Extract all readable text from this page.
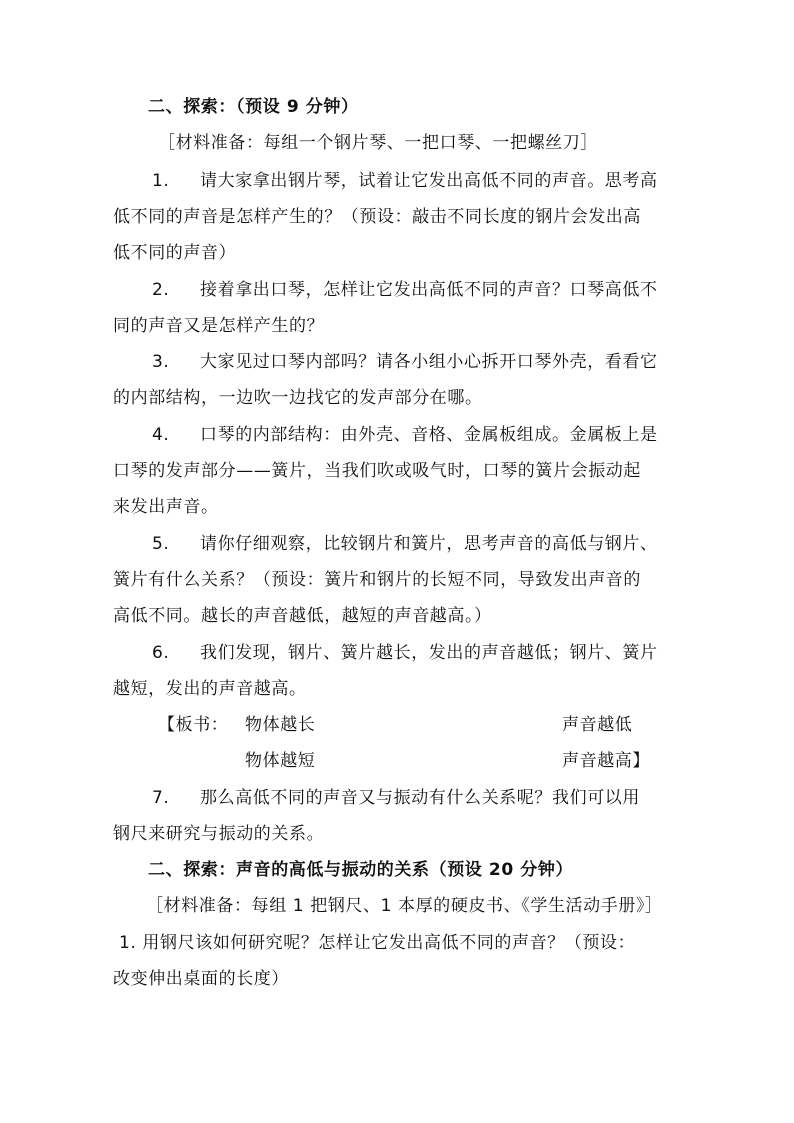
二、探索：（预设 9 分钟）
［材料准备：每组一个钢片琴、一把口琴、一把螺丝刀］
1. 请大家拿出钢片琴，试着让它发出高低不同的声音。思考高
低不同的声音是怎样产生的？（预设：敲击不同长度的钢片会发出高
低不同的声音）
2. 接着拿出口琴，怎样让它发出高低不同的声音？口琴高低不
同的声音又是怎样产生的？
3. 大家见过口琴内部吗？请各小组小心拆开口琴外壳，看看它
的内部结构，一边吹一边找它的发声部分在哪。
4. 口琴的内部结构：由外壳、音格、金属板组成。金属板上是
口琴的发声部分——簧片，当我们吹或吸气时，口琴的簧片会振动起
来发出声音。
5. 请你仔细观察，比较钢片和簧片，思考声音的高低与钢片、
簧片有什么关系？（预设：簧片和钢片的长短不同，导致发出声音的
高低不同。越长的声音越低，越短的声音越高。）
6. 我们发现，钢片、簧片越长，发出的声音越低；钢片、簧片
越短，发出的声音越高。
【板书： 物体越长	声音越低
物体越短	声音越高】
7. 那么高低不同的声音又与振动有什么关系呢？我们可以用
钢尺来研究与振动的关系。
二、探索：声音的高低与振动的关系（预设 20 分钟）
［材料准备：每组 1 把钢尺、1 本厚的硬皮书、《学生活动手册》］
1. 用钢尺该如何研究呢？怎样让它发出高低不同的声音？（预设：
改变伸出桌面的长度）
